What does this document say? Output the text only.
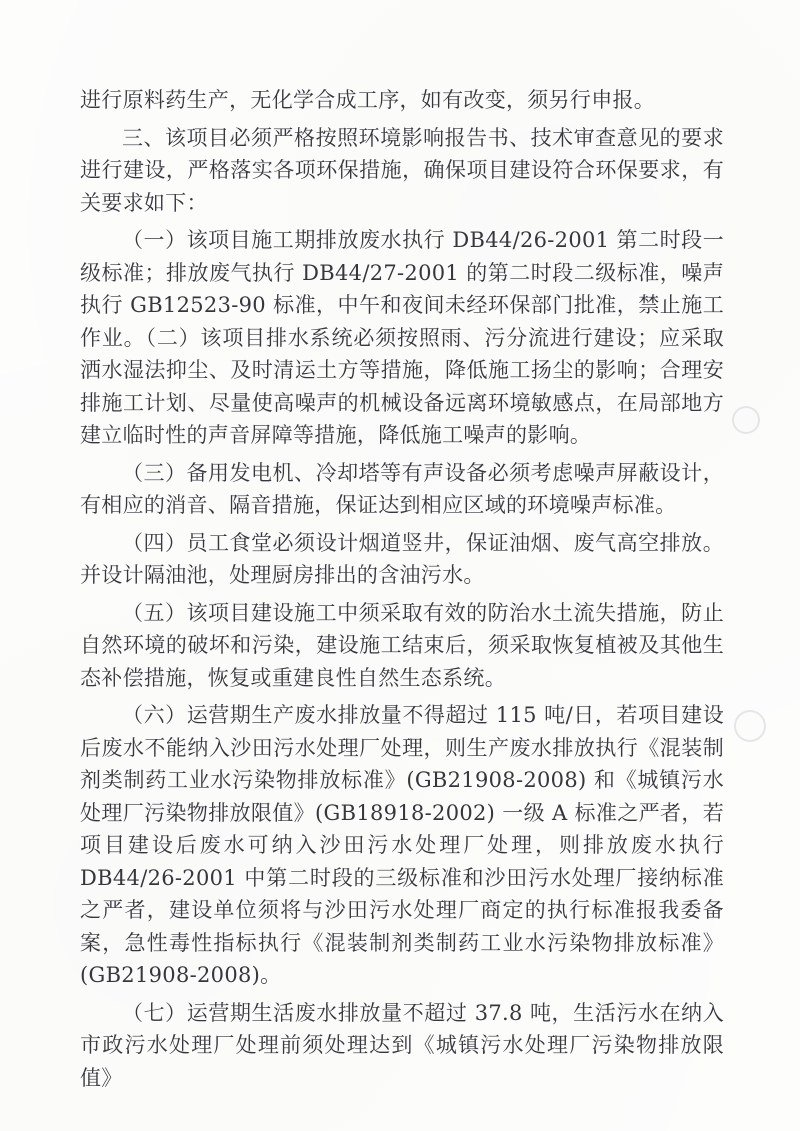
进行原料药生产，无化学合成工序，如有改变，须另行申报。

三、该项目必须严格按照环境影响报告书、技术审查意见的要求进行建设，严格落实各项环保措施，确保项目建设符合环保要求，有关要求如下：

（一）该项目施工期排放废水执行 DB44/26-2001 第二时段一级标准；排放废气执行 DB44/27-2001 的第二时段二级标准，噪声执行 GB12523-90 标准，中午和夜间未经环保部门批准，禁止施工作业。（二）该项目排水系统必须按照雨、污分流进行建设；应采取洒水湿法抑尘、及时清运土方等措施，降低施工扬尘的影响；合理安排施工计划、尽量使高噪声的机械设备远离环境敏感点，在局部地方建立临时性的声音屏障等措施，降低施工噪声的影响。

（三）备用发电机、冷却塔等有声设备必须考虑噪声屏蔽设计，有相应的消音、隔音措施，保证达到相应区域的环境噪声标准。

（四）员工食堂必须设计烟道竖井，保证油烟、废气高空排放。并设计隔油池，处理厨房排出的含油污水。

（五）该项目建设施工中须采取有效的防治水土流失措施，防止自然环境的破坏和污染，建设施工结束后，须采取恢复植被及其他生态补偿措施，恢复或重建良性自然生态系统。

（六）运营期生产废水排放量不得超过 115 吨/日，若项目建设后废水不能纳入沙田污水处理厂处理，则生产废水排放执行《混装制剂类制药工业水污染物排放标准》(GB21908-2008) 和《城镇污水处理厂污染物排放限值》(GB18918-2002) 一级 A 标准之严者，若项目建设后废水可纳入沙田污水处理厂处理，则排放废水执行 DB44/26-2001 中第二时段的三级标准和沙田污水处理厂接纳标准之严者，建设单位须将与沙田污水处理厂商定的执行标准报我委备案，急性毒性指标执行《混装制剂类制药工业水污染物排放标准》(GB21908-2008)。

（七）运营期生活废水排放量不超过 37.8 吨，生活污水在纳入市政污水处理厂处理前须处理达到《城镇污水处理厂污染物排放限值》
